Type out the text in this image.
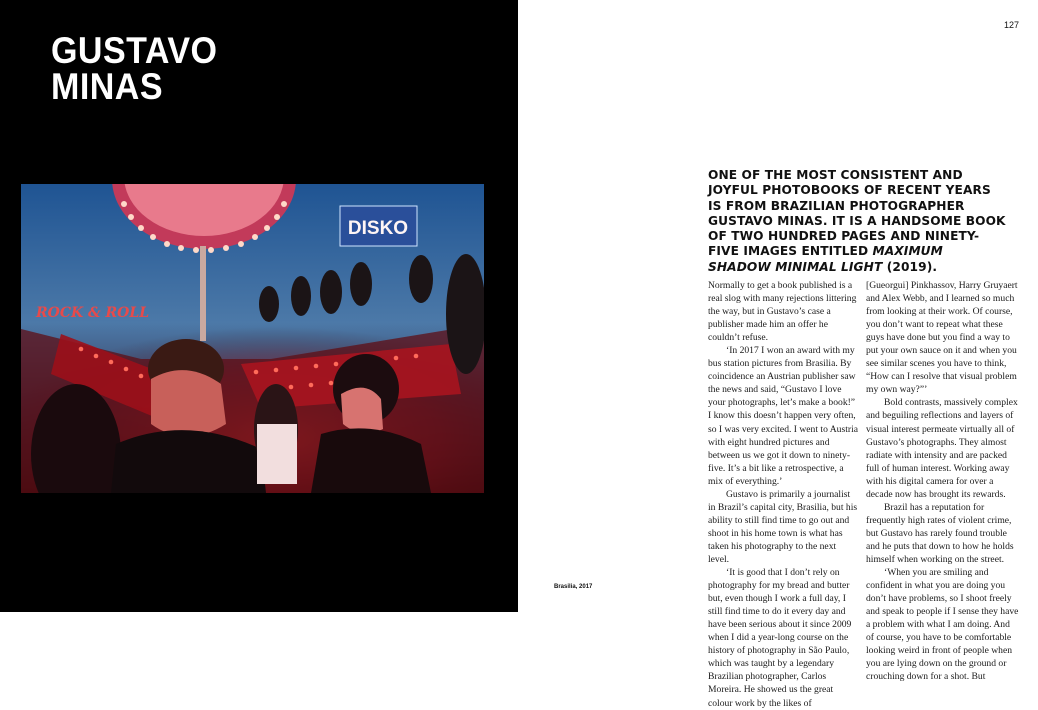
GUSTAVO
MINAS
DISKO
ROCK & ROLL
Brasilia, 2017
127

ONE OF THE MOST CONSISTENT AND JOYFUL PHOTOBOOKS OF RECENT YEARS IS FROM BRAZILIAN PHOTOGRAPHER GUSTAVO MINAS. IT IS A HANDSOME BOOK OF TWO HUNDRED PAGES AND NINETY-FIVE IMAGES ENTITLED MAXIMUM SHADOW MINIMAL LIGHT (2019).

Normally to get a book published is a real slog with many rejections littering the way, but in Gustavo’s case a publisher made him an offer he couldn’t refuse.

‘In 2017 I won an award with my bus station pictures from Brasilia. By coincidence an Austrian publisher saw the news and said, “Gustavo I love your photographs, let’s make a book!” I know this doesn’t happen very often, so I was very excited. I went to Austria with eight hundred pictures and between us we got it down to ninety-five. It’s a bit like a retrospective, a mix of everything.’

Gustavo is primarily a journalist in Brazil’s capital city, Brasilia, but his ability to still find time to go out and shoot in his home town is what has taken his photography to the next level.

‘It is good that I don’t rely on photography for my bread and butter but, even though I work a full day, I still find time to do it every day and have been serious about it since 2009 when I did a year-long course on the history of photography in São Paulo, which was taught by a legendary Brazilian photographer, Carlos Moreira. He showed us the great colour work by the likes of

[Gueorgui] Pinkhassov, Harry Gruyaert and Alex Webb, and I learned so much from looking at their work. Of course, you don’t want to repeat what these guys have done but you find a way to put your own sauce on it and when you see similar scenes you have to think, “How can I resolve that visual problem my own way?”’

Bold contrasts, massively complex and beguiling reflections and layers of visual interest permeate virtually all of Gustavo’s photographs. They almost radiate with intensity and are packed full of human interest. Working away with his digital camera for over a decade now has brought its rewards.

Brazil has a reputation for frequently high rates of violent crime, but Gustavo has rarely found trouble and he puts that down to how he holds himself when working on the street.

‘When you are smiling and confident in what you are doing you don’t have problems, so I shoot freely and speak to people if I sense they have a problem with what I am doing. And of course, you have to be comfortable looking weird in front of people when you are lying down on the ground or crouching down for a shot. But
